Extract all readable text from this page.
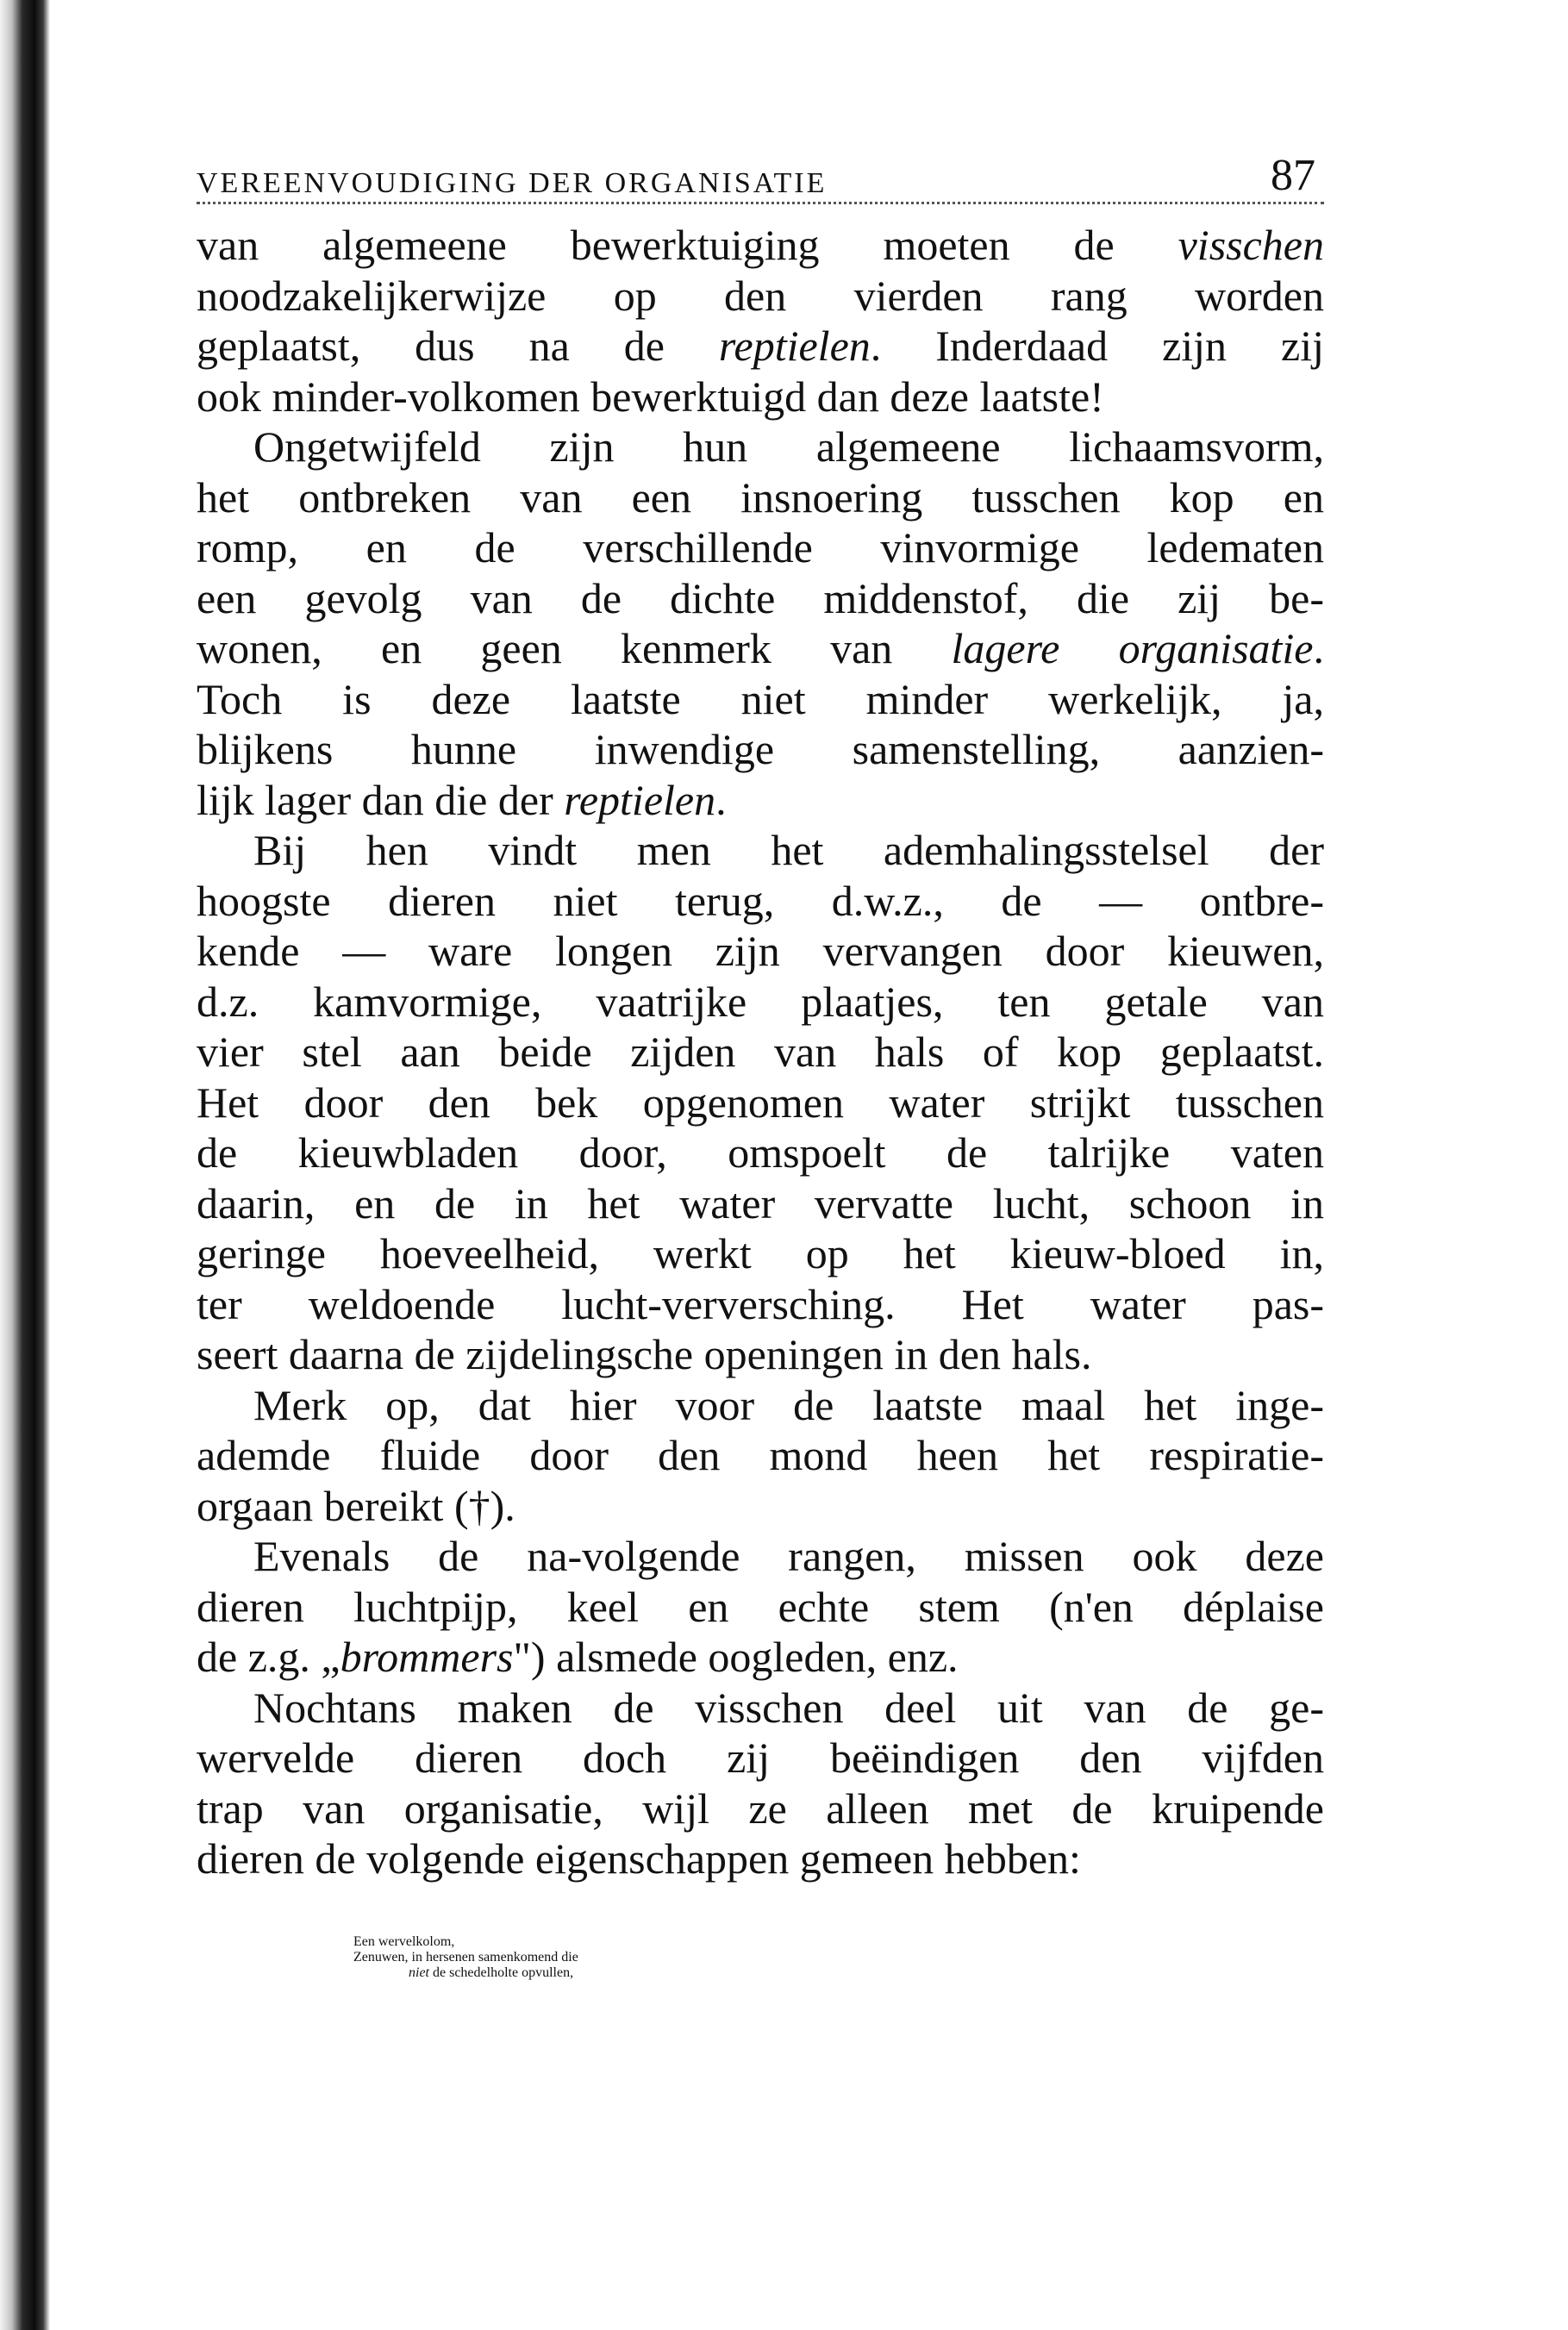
VEREENVOUDIGING DER ORGANISATIE	87
van algemeene bewerktuiging moeten de visschen
noodzakelijkerwijze op den vierden rang worden
geplaatst, dus na de reptielen. Inderdaad zijn zij
ook minder-volkomen bewerktuigd dan deze laatste!
Ongetwijfeld zijn hun algemeene lichaamsvorm,
het ontbreken van een insnoering tusschen kop en
romp, en de verschillende vinvormige ledematen
een gevolg van de dichte middenstof, die zij be-
wonen, en geen kenmerk van lagere organisatie.
Toch is deze laatste niet minder werkelijk, ja,
blijkens hunne inwendige samenstelling, aanzien-
lijk lager dan die der reptielen.
Bij hen vindt men het ademhalingsstelsel der
hoogste dieren niet terug, d.w.z., de — ontbre-
kende — ware longen zijn vervangen door kieuwen,
d.z. kamvormige, vaatrijke plaatjes, ten getale van
vier stel aan beide zijden van hals of kop geplaatst.
Het door den bek opgenomen water strijkt tusschen
de kieuwbladen door, omspoelt de talrijke vaten
daarin, en de in het water vervatte lucht, schoon in
geringe hoeveelheid, werkt op het kieuw-bloed in,
ter weldoende lucht-verversching. Het water pas-
seert daarna de zijdelingsche openingen in den hals.
Merk op, dat hier voor de laatste maal het inge-
ademde fluide door den mond heen het respiratie-
orgaan bereikt (†).
Evenals de na-volgende rangen, missen ook deze
dieren luchtpijp, keel en echte stem (n'en déplaise
de z.g. „brommers") alsmede oogleden, enz.
Nochtans maken de visschen deel uit van de ge-
wervelde dieren doch zij beëindigen den vijfden
trap van organisatie, wijl ze alleen met de kruipende
dieren de volgende eigenschappen gemeen hebben:
Een wervelkolom,
Zenuwen, in hersenen samenkomend die
niet de schedelholte opvullen,
